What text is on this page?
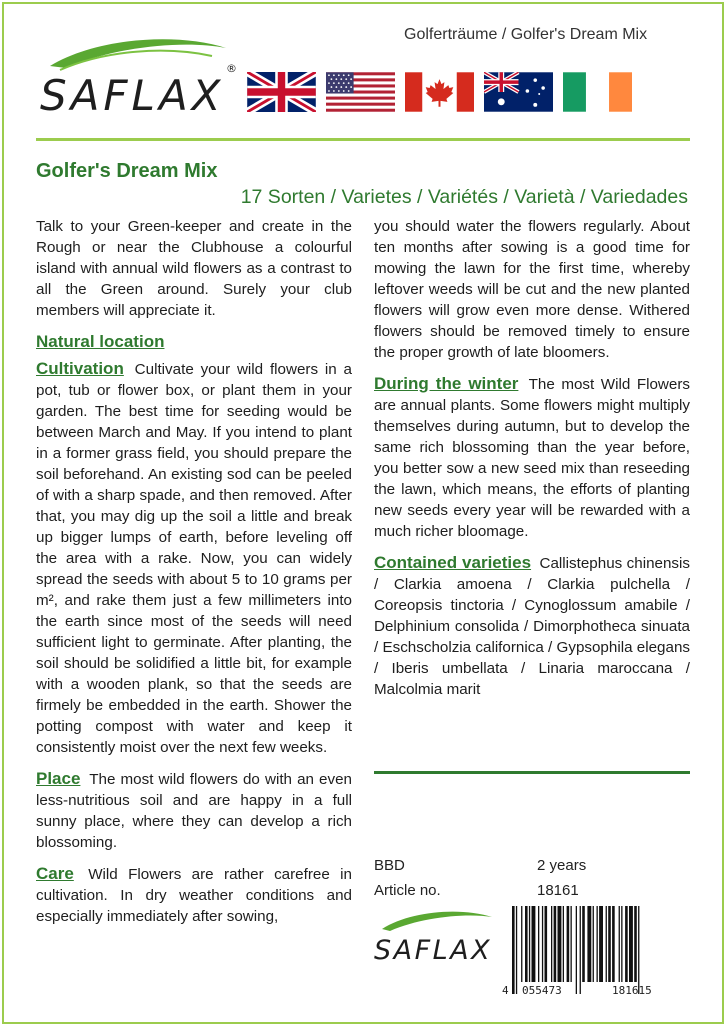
Golferträume / Golfer's Dream Mix
SAFLAX
®
Golfer's Dream Mix
17 Sorten / Varietes / Variétés / Varietà / Variedades

Talk to your Green-keeper and create in the Rough or near the Clubhouse a colourful island with annual wild flowers as a contrast to all the Green around. Surely your club members will appreciate it.

Natural location

Cultivation Cultivate your wild flowers in a pot, tub or flower box, or plant them in your garden. The best time for seeding would be between March and May. If you intend to plant in a former grass field, you should prepare the soil beforehand. An existing sod can be peeled of with a sharp spade, and then removed. After that, you may dig up the soil a little and break up bigger lumps of earth, before leveling off the area with a rake. Now, you can widely spread the seeds with about 5 to 10 grams per m², and rake them just a few millimeters into the earth since most of the seeds will need sufficient light to germinate. After planting, the soil should be solidified a little bit, for example with a wooden plank, so that the seeds are firmely be embedded in the earth. Shower the potting compost with water and keep it consistently moist over the next few weeks.

Place The most wild flowers do with an even less-nutritious soil and are happy in a full sunny place, where they can develop a rich blossoming.

Care Wild Flowers are rather carefree in cultivation. In dry weather conditions and especially immediately after sowing,

you should water the flowers regularly. About ten months after sowing is a good time for mowing the lawn for the first time, whereby leftover weeds will be cut and the new planted flowers will grow even more dense. Withered flowers should be removed timely to ensure the proper growth of late bloomers.

During the winter The most Wild Flowers are annual plants. Some flowers might multiply themselves during autumn, but to develop the same rich blossoming than the year before, you better sow a new seed mix than reseeding the lawn, which means, the efforts of planting new seeds every year will be rewarded with a much richer bloomage.

Contained varieties Callistephus chinensis / Clarkia amoena / Clarkia pulchella / Coreopsis tinctoria / Cynoglossum amabile / Delphinium consolida / Dimorphotheca sinuata / Eschscholzia californica / Gypsophila elegans / Iberis umbellata / Linaria maroccana / Malcolmia marit

BBD	2 years
Article no.	18161
SAFLAX
4 055473	181615
